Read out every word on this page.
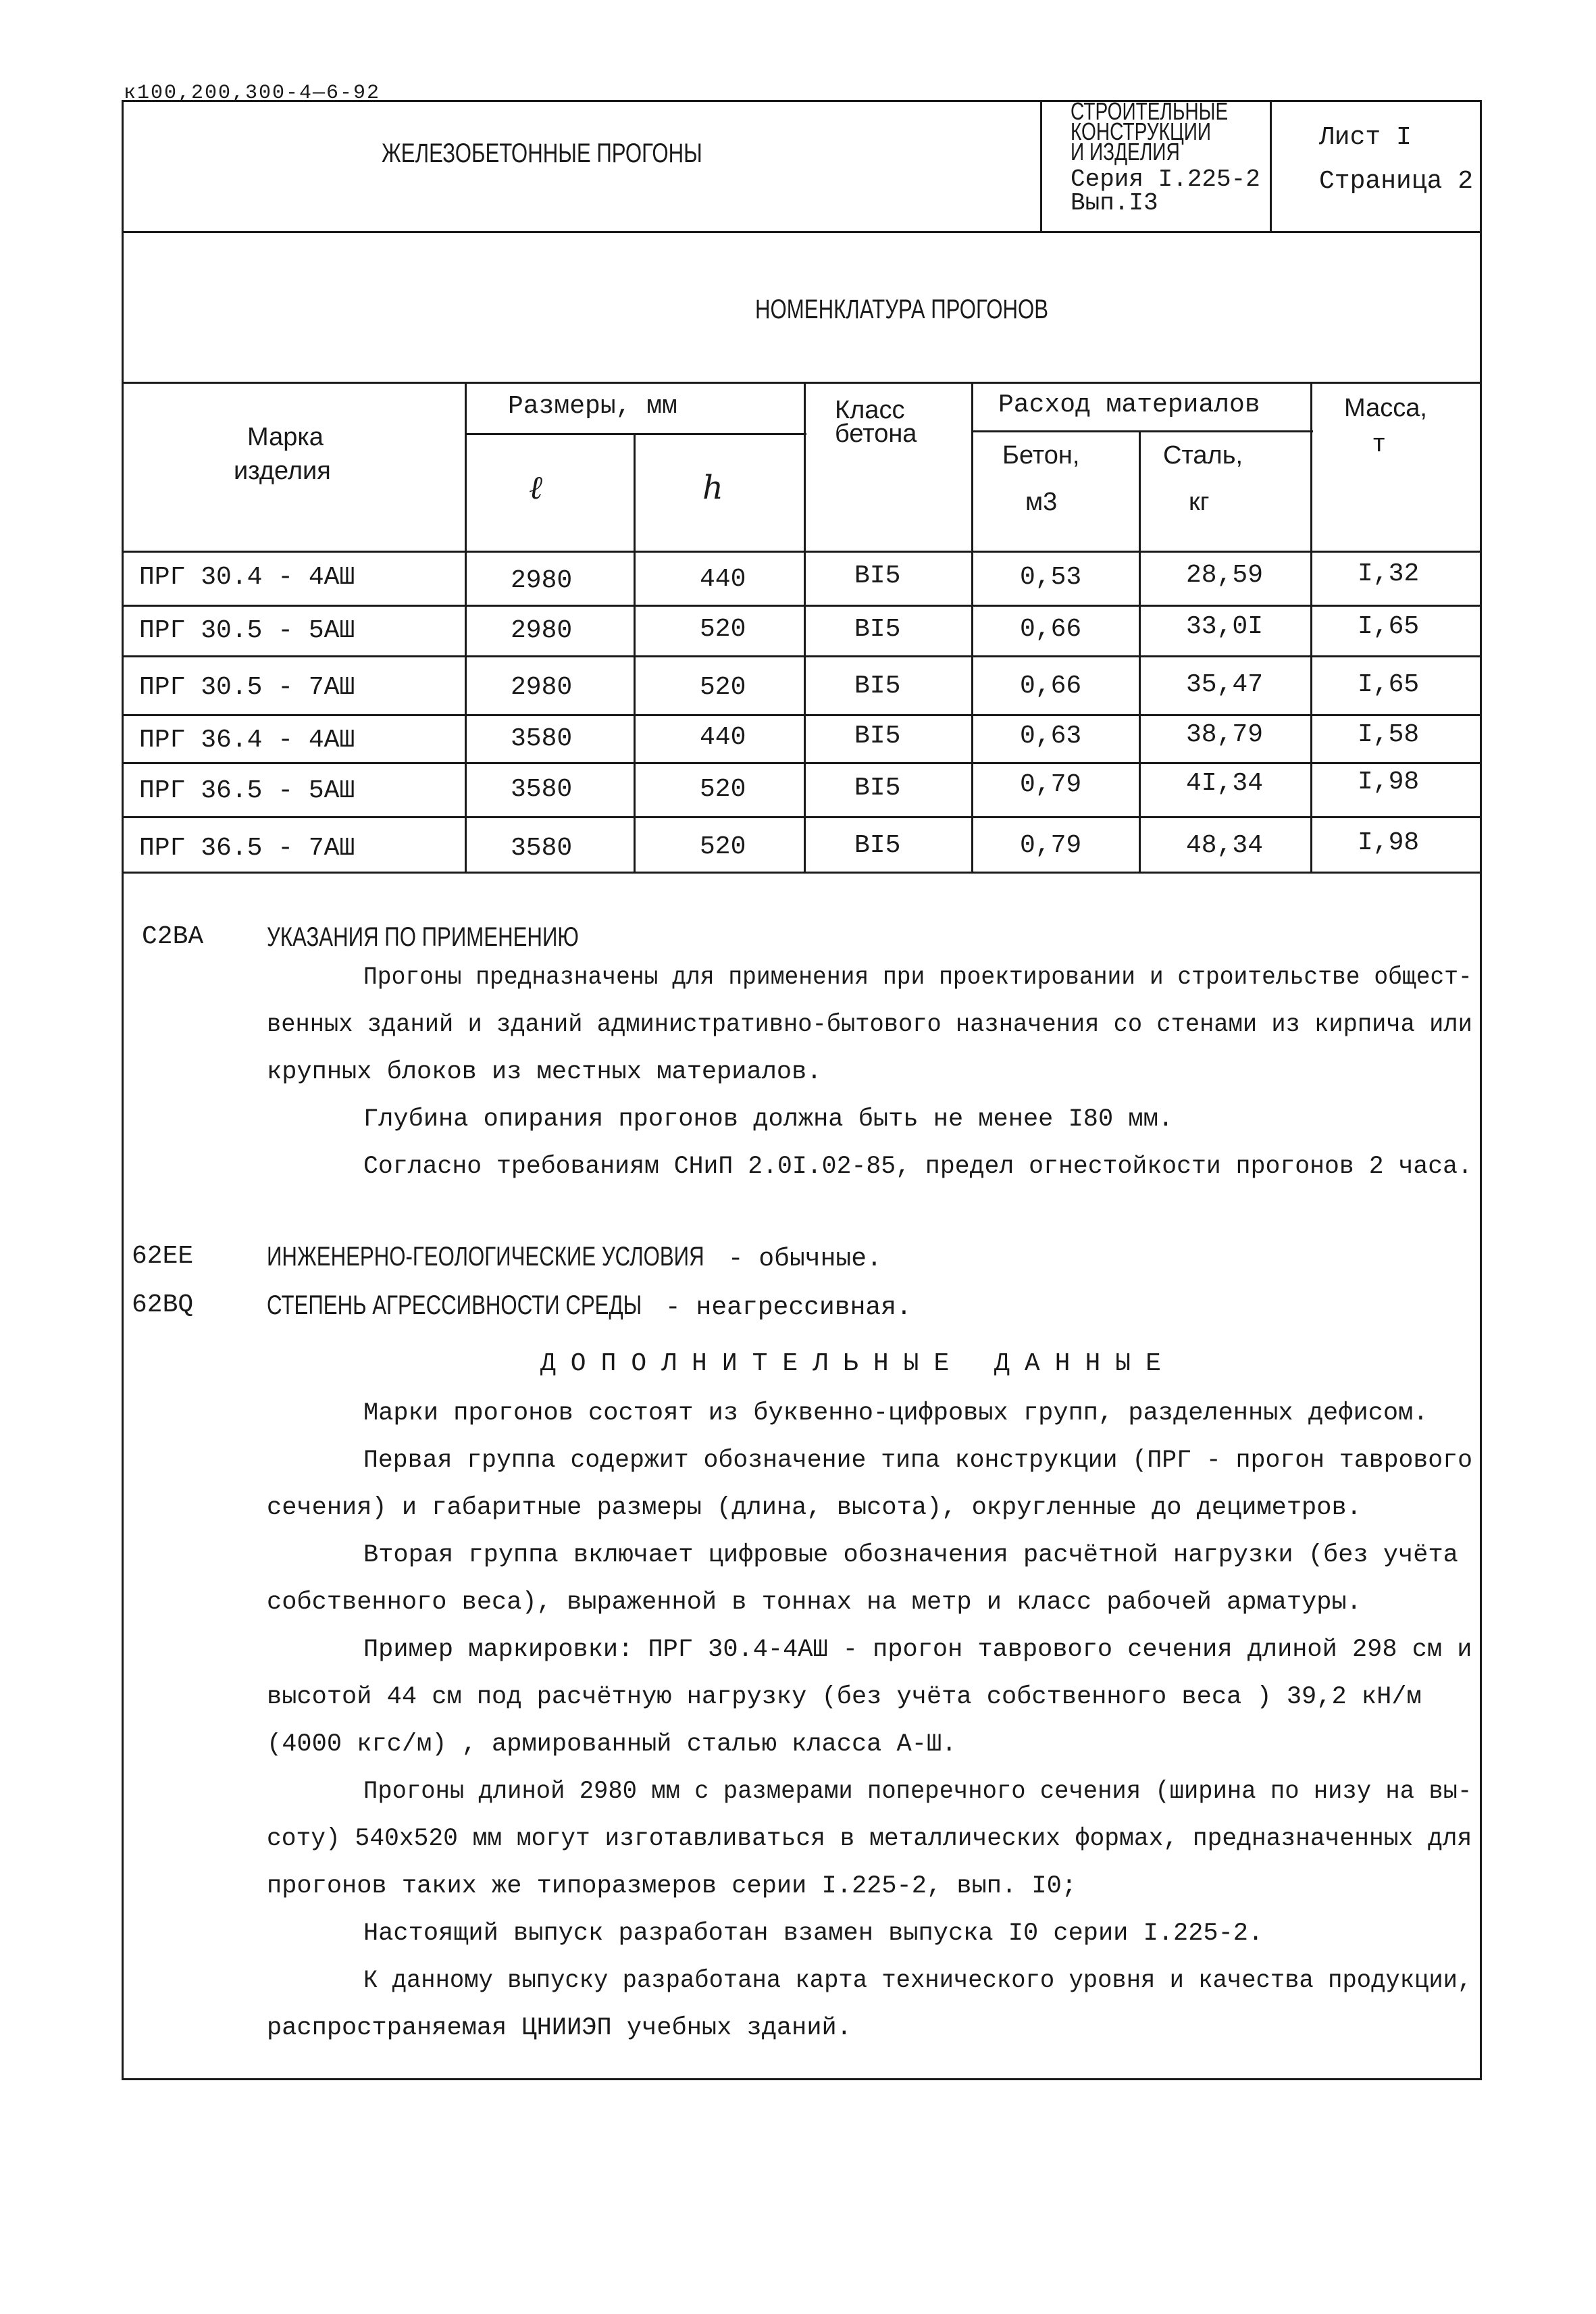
к100,200,300-4—6-92
ЖЕЛЕЗОБЕТОННЫЕ ПРОГОНЫ
СТРОИТЕЛЬНЫЕ
КОНСТРУКЦИИ
И ИЗДЕЛИЯ
Серия I.225-2
Вып.I3
Лист I
Страница 2
НОМЕНКЛАТУРА ПРОГОНОВ
Марка
изделия
Размеры, мм
ℓ	h
Класс
бетона
Расход материалов
Бетон,
м3
Сталь,
кг
Масса,
т
ПРГ 30.4 - 4АШ	2980	440	BI5	0,53	28,59	I,32
ПРГ 30.5 - 5АШ	2980	520	BI5	0,66	33,0I	I,65
ПРГ 30.5 - 7АШ	2980	520	BI5	0,66	35,47	I,65
ПРГ 36.4 - 4АШ	3580	440	BI5	0,63	38,79	I,58
ПРГ 36.5 - 5АШ	3580	520	BI5	0,79	4I,34	I,98
ПРГ 36.5 - 7АШ	3580	520	BI5	0,79	48,34	I,98
C2BA УКАЗАНИЯ ПО ПРИМЕНЕНИЮ
Прогоны предназначены для применения при проектировании и строительстве общест-
венных зданий и зданий административно-бытового назначения со стенами из кирпича или
крупных блоков из местных материалов.
Глубина опирания прогонов должна быть не менее I80 мм.
Согласно требованиям СНиП 2.0I.02-85, предел огнестойкости прогонов 2 часа.
62EE	ИНЖЕНЕРНО-ГЕОЛОГИЧЕСКИЕ УСЛОВИЯ - обычные.
62BQ	СТЕПЕНЬ АГРЕССИВНОСТИ СРЕДЫ - неагрессивная.
ДОПОЛНИТЕЛЬНЫЕ ДАННЫЕ
Марки прогонов состоят из буквенно-цифровых групп, разделенных дефисом.
Первая группа содержит обозначение типа конструкции (ПРГ - прогон таврового
сечения) и габаритные размеры (длина, высота), округленные до дециметров.
Вторая группа включает цифровые обозначения расчётной нагрузки (без учёта
собственного веса), выраженной в тоннах на метр и класс рабочей арматуры.
Пример маркировки: ПРГ 30.4-4АШ - прогон таврового сечения длиной 298 см и
высотой 44 см под расчётную нагрузку (без учёта собственного веса ) 39,2 кН/м
(4000 кгс/м) , армированный сталью класса А-Ш.
Прогоны длиной 2980 мм с размерами поперечного сечения (ширина по низу на вы-
соту) 540х520 мм могут изготавливаться в металлических формах, предназначенных для
прогонов таких же типоразмеров серии I.225-2, вып. I0;
Настоящий выпуск разработан взамен выпуска I0 серии I.225-2.
К данному выпуску разработана карта технического уровня и качества продукции,
распространяемая ЦНИИЭП учебных зданий.
